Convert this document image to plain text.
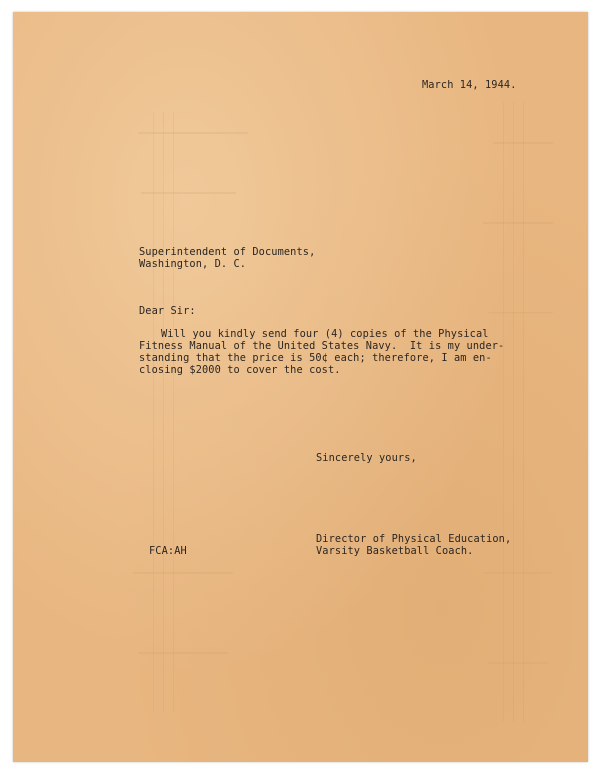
March 14, 1944.

Superintendent of Documents,

Washington, D. C.

Dear Sir:

Will you kindly send four (4) copies of the Physical

Fitness Manual of the United States Navy.  It is my under-

standing that the price is 50¢ each; therefore, I am en-

closing $2000 to cover the cost.

Sincerely yours,

Director of Physical Education,

Varsity Basketball Coach.

FCA:AH
